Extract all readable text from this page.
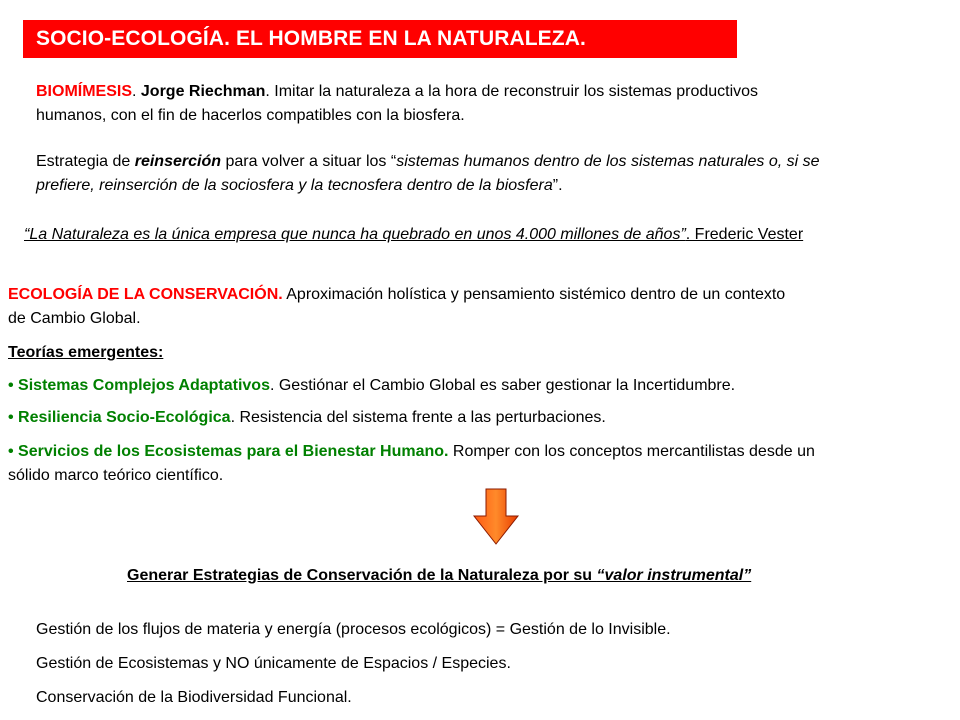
SOCIO-ECOLOGÍA. EL HOMBRE EN LA NATURALEZA.
BIOMÍMESIS. Jorge Riechman. Imitar la naturaleza a la hora de reconstruir los sistemas productivos
humanos, con el fin de hacerlos compatibles con la biosfera.
Estrategia de reinserción para volver a situar los “sistemas humanos dentro de los sistemas naturales o, si se
prefiere, reinserción de la sociosfera y la tecnosfera dentro de la biosfera”.
“La Naturaleza es la única empresa que nunca ha quebrado en unos 4.000 millones de años”. Frederic Vester
ECOLOGÍA DE LA CONSERVACIÓN. Aproximación holística y pensamiento sistémico dentro de un contexto
de Cambio Global.
Teorías emergentes:
• Sistemas Complejos Adaptativos. Gestiónar el Cambio Global es saber gestionar la Incertidumbre.
• Resiliencia Socio-Ecológica. Resistencia del sistema frente a las perturbaciones.
• Servicios de los Ecosistemas para el Bienestar Humano. Romper con los conceptos mercantilistas desde un
sólido marco teórico científico.
Generar Estrategias de Conservación de la Naturaleza por su “valor instrumental”
Gestión de los flujos de materia y energía (procesos ecológicos) = Gestión de lo Invisible.
Gestión de Ecosistemas y NO únicamente de Espacios / Especies.
Conservación de la Biodiversidad Funcional.
